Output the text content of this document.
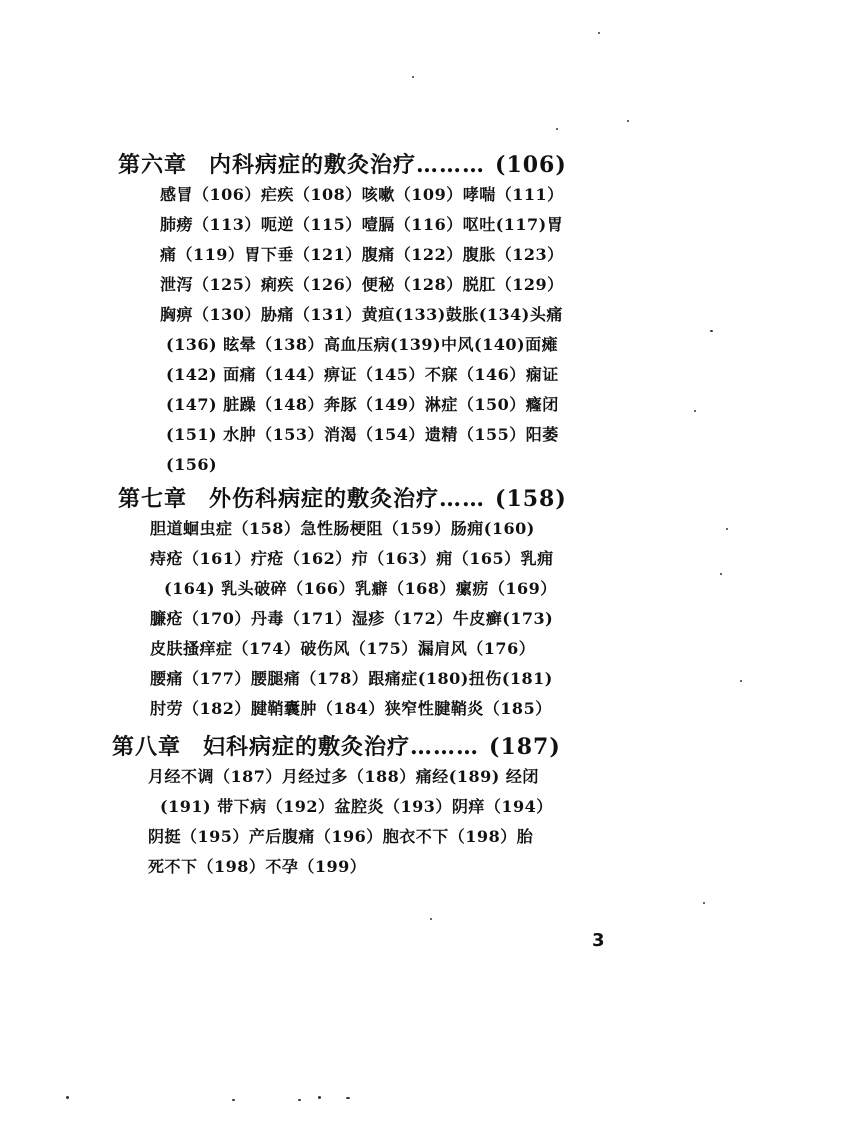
第六章 内科病症的敷灸治疗……… (106)
感冒（106）疟疾（108）咳嗽（109）哮喘（111）
肺痨（113）呃逆（115）噎膈（116）呕吐(117)胃
痛（119）胃下垂（121）腹痛（122）腹胀（123）
泄泻（125）痢疾（126）便秘（128）脱肛（129）
胸痹（130）胁痛（131）黄疸(133)鼓胀(134)头痛
(136) 眩晕（138）高血压病(139)中风(140)面瘫
(142) 面痛（144）痹证（145）不寐（146）痫证
(147) 脏躁（148）奔豚（149）淋症（150）癃闭
(151) 水肿（153）消渴（154）遗精（155）阳萎
(156)
第七章 外伤科病症的敷灸治疗…… (158)
胆道蛔虫症（158）急性肠梗阻（159）肠痈(160)
痔疮（161）疔疮（162）疖（163）痈（165）乳痈
(164) 乳头破碎（166）乳癖（168）瘰疬（169）
臁疮（170）丹毒（171）湿疹（172）牛皮癣(173)
皮肤搔痒症（174）破伤风（175）漏肩风（176）
腰痛（177）腰腿痛（178）跟痛症(180)扭伤(181)
肘劳（182）腱鞘囊肿（184）狭窄性腱鞘炎（185）
第八章 妇科病症的敷灸治疗……… (187)
月经不调（187）月经过多（188）痛经(189) 经闭
(191) 带下病（192）盆腔炎（193）阴痒（194）
阴挺（195）产后腹痛（196）胞衣不下（198）胎
死不下（198）不孕（199）
3
